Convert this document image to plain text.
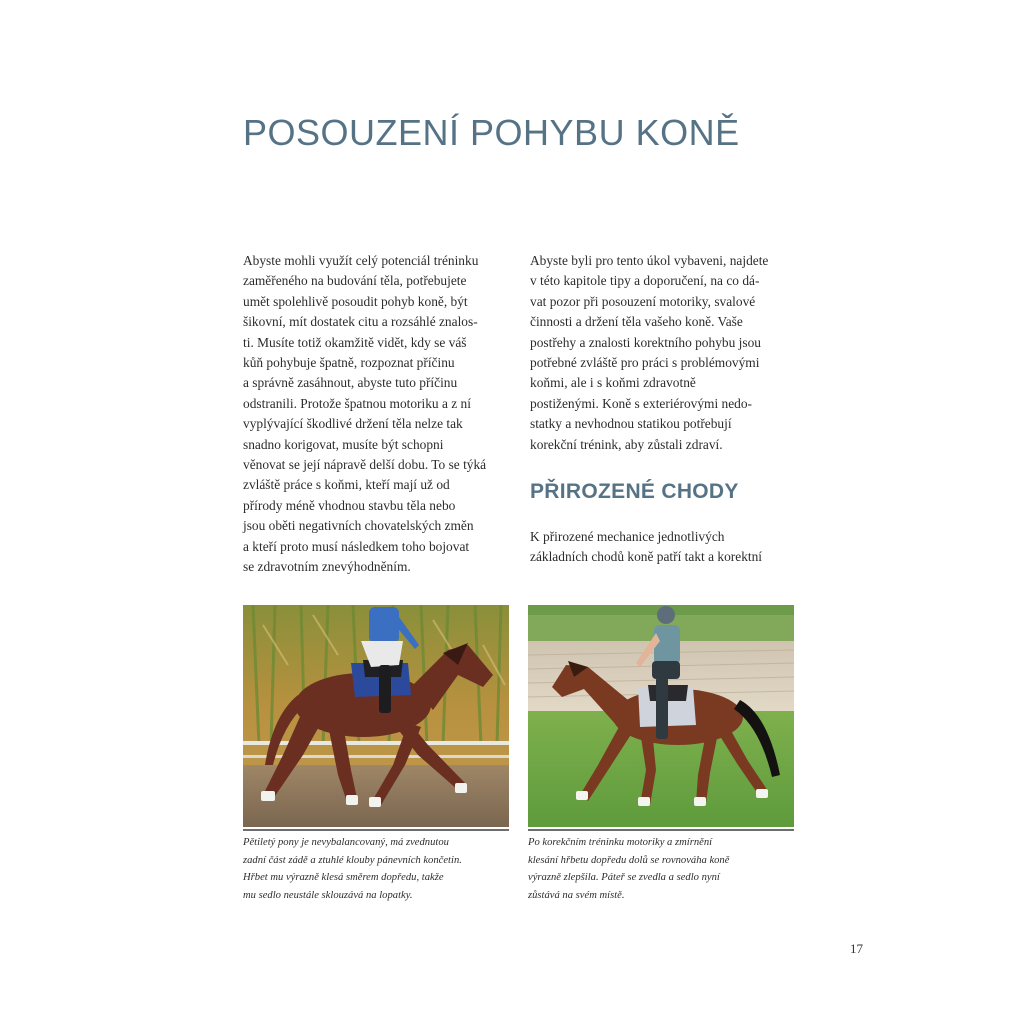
POSOUZENÍ POHYBU KONĚ

Abyste mohli využít celý potenciál tréninku

zaměřeného na budování těla, potřebujete

umět spolehlivě posoudit pohyb koně, být

šikovní, mít dostatek citu a rozsáhlé znalos-

ti. Musíte totiž okamžitě vidět, kdy se váš

kůň pohybuje špatně, rozpoznat příčinu

a správně zasáhnout, abyste tuto příčinu

odstranili. Protože špatnou motoriku a z ní

vyplývající škodlivé držení těla nelze tak

snadno korigovat, musíte být schopni

věnovat se její nápravě delší dobu. To se týká

zvláště práce s koňmi, kteří mají už od

přírody méně vhodnou stavbu těla nebo

jsou oběti negativních chovatelských změn

a kteří proto musí následkem toho bojovat

se zdravotním znevýhodněním.

Abyste byli pro tento úkol vybaveni, najdete

v této kapitole tipy a doporučení, na co dá-

vat pozor při posouzení motoriky, svalové

činnosti a držení těla vašeho koně. Vaše

postřehy a znalosti korektního pohybu jsou

potřebné zvláště pro práci s problémovými

koňmi, ale i s koňmi zdravotně

postiženými. Koně s exteriérovými nedo-

statky a nevhodnou statikou potřebují

korekční trénink, aby zůstali zdraví.

PŘIROZENÉ CHODY

K přirozené mechanice jednotlivých

základních chodů koně patří takt a korektní

Pětiletý pony je nevybalancovaný, má zvednutou

zadní část zádě a ztuhlé klouby pánevních končetin.

Hřbet mu výrazně klesá směrem dopředu, takže

mu sedlo neustále sklouzává na lopatky.

Po korekčním tréninku motoriky a zmírnění

klesání hřbetu dopředu dolů se rovnováha koně

výrazně zlepšila. Páteř se zvedla a sedlo nyní

zůstává na svém místě.

17
